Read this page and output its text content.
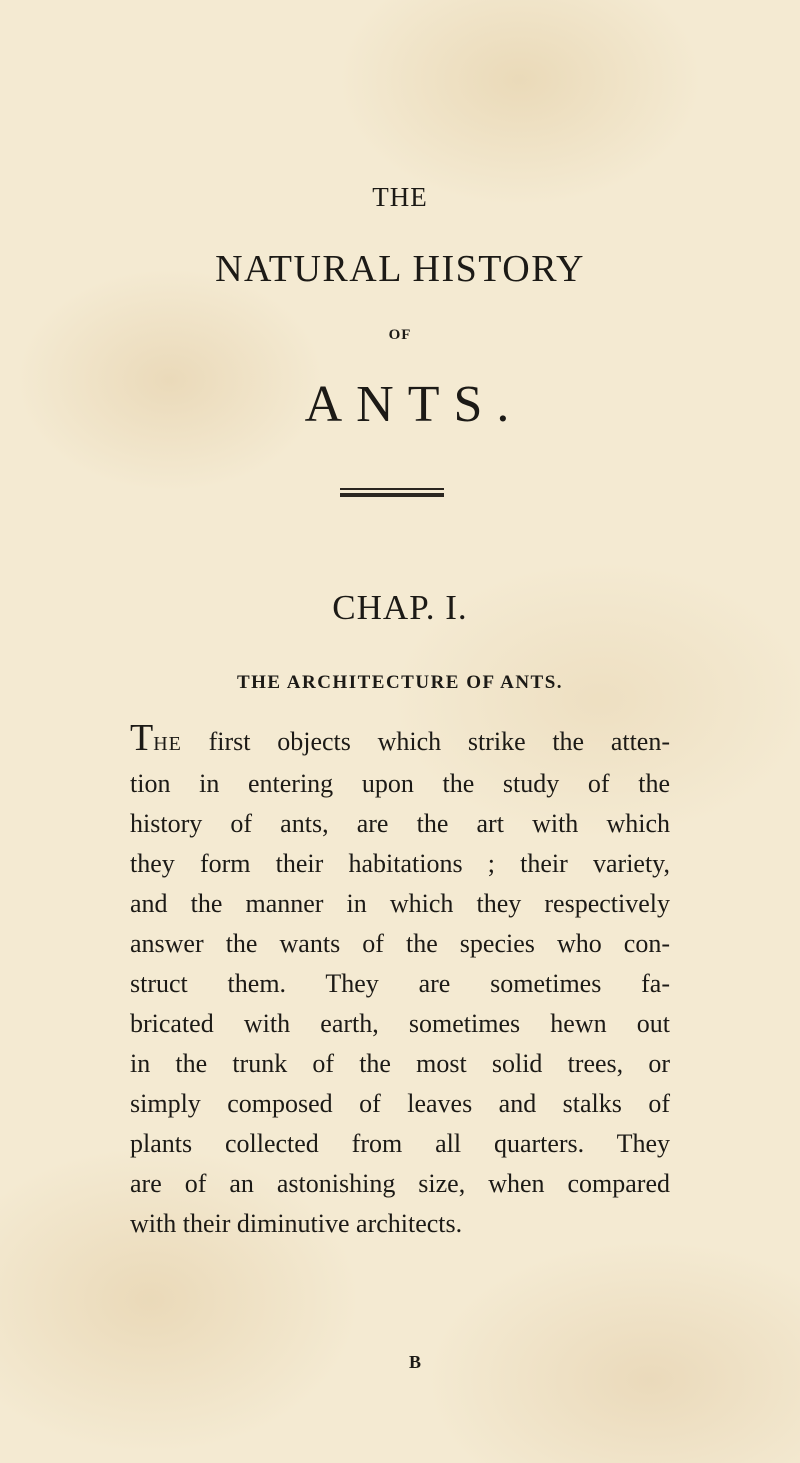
THE
NATURAL HISTORY
OF
ANTS.
CHAP. I.
THE ARCHITECTURE OF ANTS.
THE first objects which strike the atten-
tion in entering upon the study of the
history of ants, are the art with which
they form their habitations ; their variety,
and the manner in which they respectively
answer the wants of the species who con-
struct them. They are sometimes fa-
bricated with earth, sometimes hewn out
in the trunk of the most solid trees, or
simply composed of leaves and stalks of
plants collected from all quarters. They
are of an astonishing size, when compared
with their diminutive architects.
B
